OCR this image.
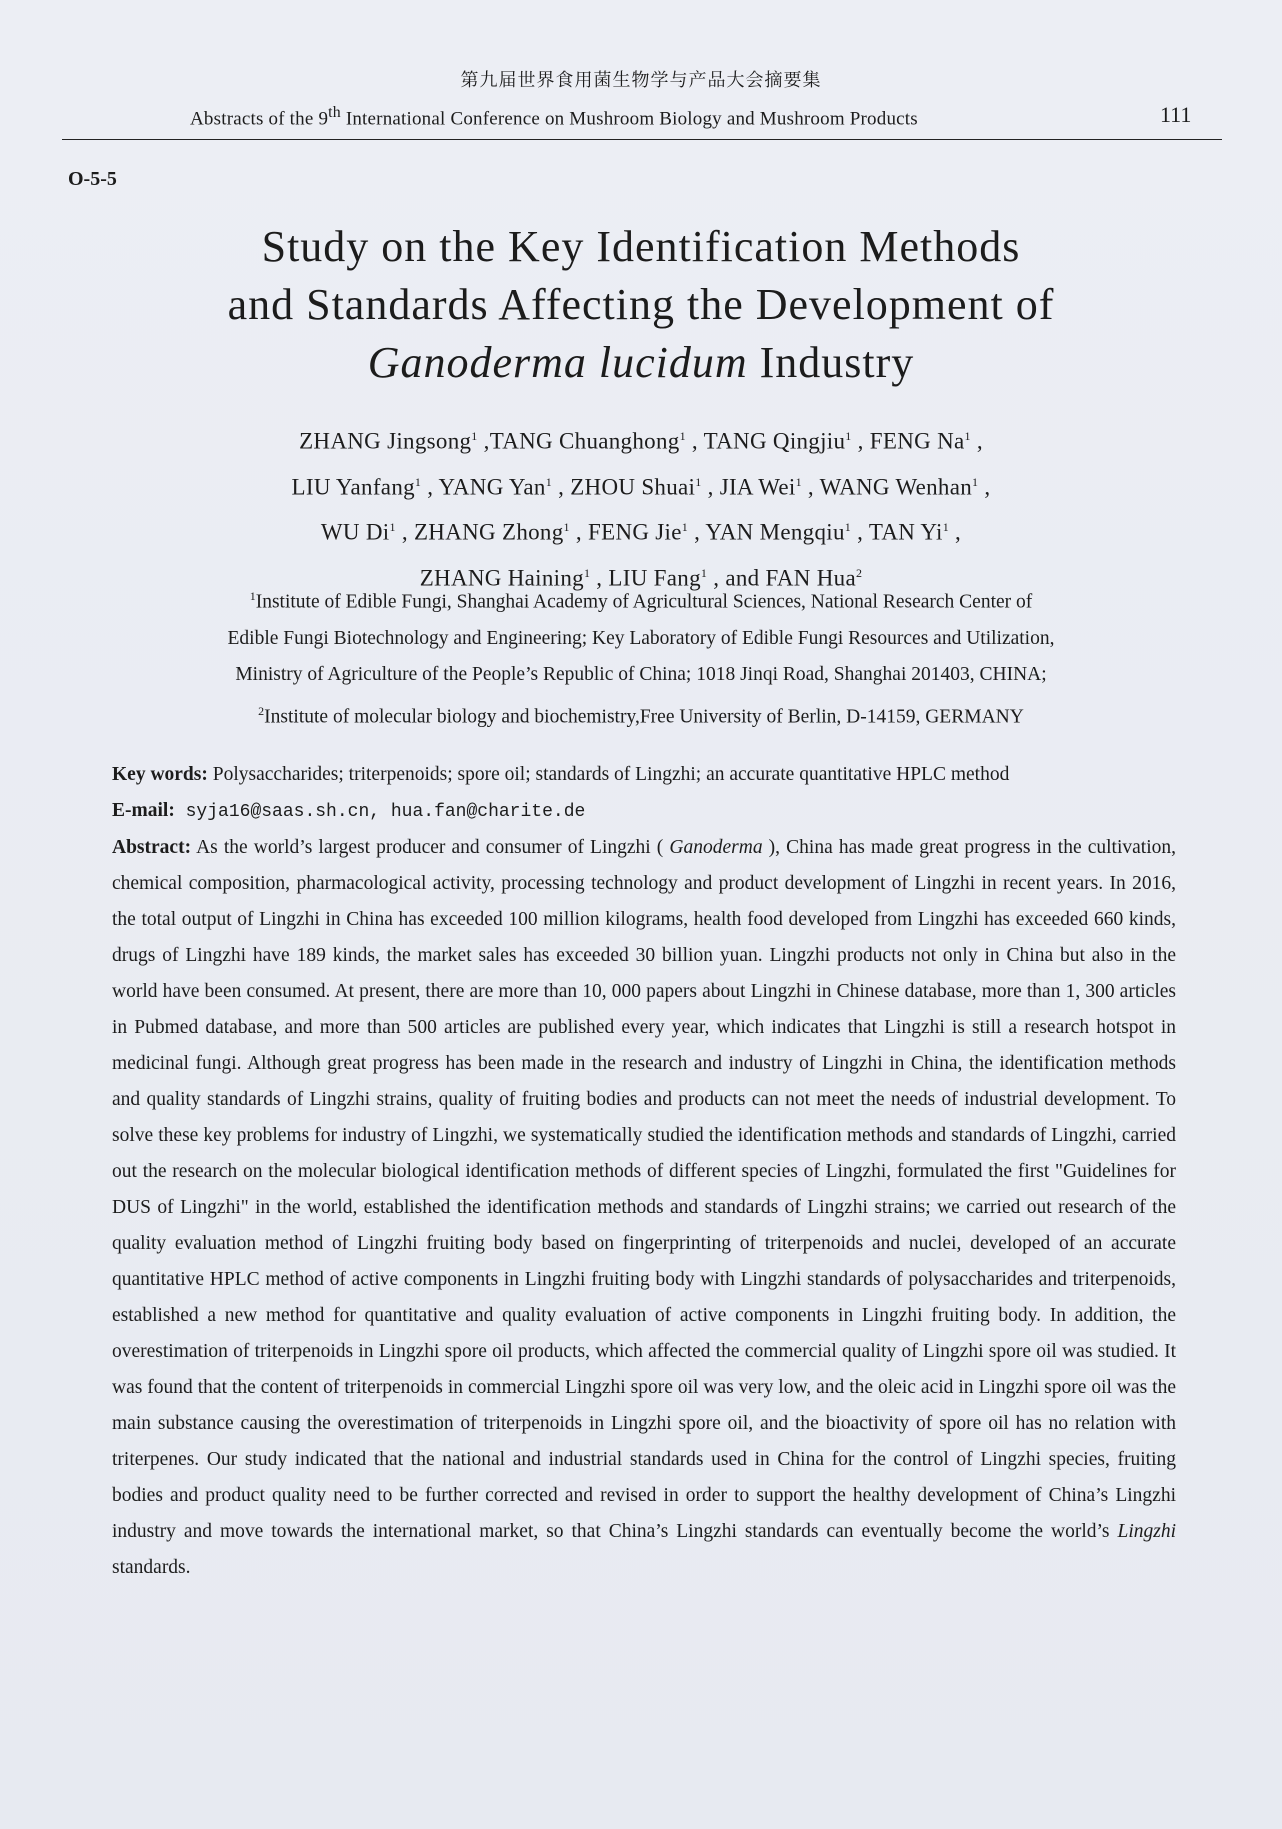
第九届世界食用菌生物学与产品大会摘要集
Abstracts of the 9th International Conference on Mushroom Biology and Mushroom Products	111
O-5-5
Study on the Key Identification Methods
and Standards Affecting the Development of
Ganoderma lucidum Industry
ZHANG Jingsong$^1$ ,TANG Chuanghong$^1$ , TANG Qingjiu$^1$ , FENG Na$^1$ ,
LIU Yanfang$^1$ , YANG Yan$^1$ , ZHOU Shuai$^1$ , JIA Wei$^1$ , WANG Wenhan$^1$ ,
WU Di$^1$ , ZHANG Zhong$^1$ , FENG Jie$^1$ , YAN Mengqiu$^1$ , TAN Yi$^1$ ,
ZHANG Haining$^1$ , LIU Fang$^1$ , and FAN Hua$^2$
$^1$Institute of Edible Fungi, Shanghai Academy of Agricultural Sciences, National Research Center of
Edible Fungi Biotechnology and Engineering; Key Laboratory of Edible Fungi Resources and Utilization,
Ministry of Agriculture of the People’s Republic of China; 1018 Jinqi Road, Shanghai 201403, CHINA;
$^2$Institute of molecular biology and biochemistry,Free University of Berlin, D-14159, GERMANY

Key words: Polysaccharides; triterpenoids; spore oil; standards of Lingzhi; an accurate quantitative HPLC method

E-mail: syja16@saas.sh.cn, hua.fan@charite.de

Abstract: As the world’s largest producer and consumer of Lingzhi ( Ganoderma ), China has made great progress in the cultivation, chemical composition, pharmacological activity, processing technology and product development of Lingzhi in recent years. In 2016, the total output of Lingzhi in China has exceeded 100 million kilograms, health food developed from Lingzhi has exceeded 660 kinds, drugs of Lingzhi have 189 kinds, the market sales has exceeded 30 billion yuan. Lingzhi products not only in China but also in the world have been consumed. At present, there are more than 10, 000 papers about Lingzhi in Chinese database, more than 1, 300 articles in Pubmed database, and more than 500 articles are published every year, which indicates that Lingzhi is still a research hotspot in medicinal fungi. Although great progress has been made in the research and industry of Lingzhi in China, the identification methods and quality standards of Lingzhi strains, quality of fruiting bodies and products can not meet the needs of industrial development. To solve these key problems for industry of Lingzhi, we systematically studied the identification methods and standards of Lingzhi, carried out the research on the molecular biological identification methods of different species of Lingzhi, formulated the first "Guidelines for DUS of Lingzhi" in the world, established the identification methods and standards of Lingzhi strains; we carried out research of the quality evaluation method of Lingzhi fruiting body based on fingerprinting of triterpenoids and nuclei, developed of an accurate quantitative HPLC method of active components in Lingzhi fruiting body with Lingzhi standards of polysaccharides and triterpenoids, established a new method for quantitative and quality evaluation of active components in Lingzhi fruiting body. In addition, the overestimation of triterpenoids in Lingzhi spore oil products, which affected the commercial quality of Lingzhi spore oil was studied. It was found that the content of triterpenoids in commercial Lingzhi spore oil was very low, and the oleic acid in Lingzhi spore oil was the main substance causing the overestimation of triterpenoids in Lingzhi spore oil, and the bioactivity of spore oil has no relation with triterpenes. Our study indicated that the national and industrial standards used in China for the control of Lingzhi species, fruiting bodies and product quality need to be further corrected and revised in order to support the healthy development of China’s Lingzhi industry and move towards the international market, so that China’s Lingzhi standards can eventually become the world’s Lingzhi standards.
